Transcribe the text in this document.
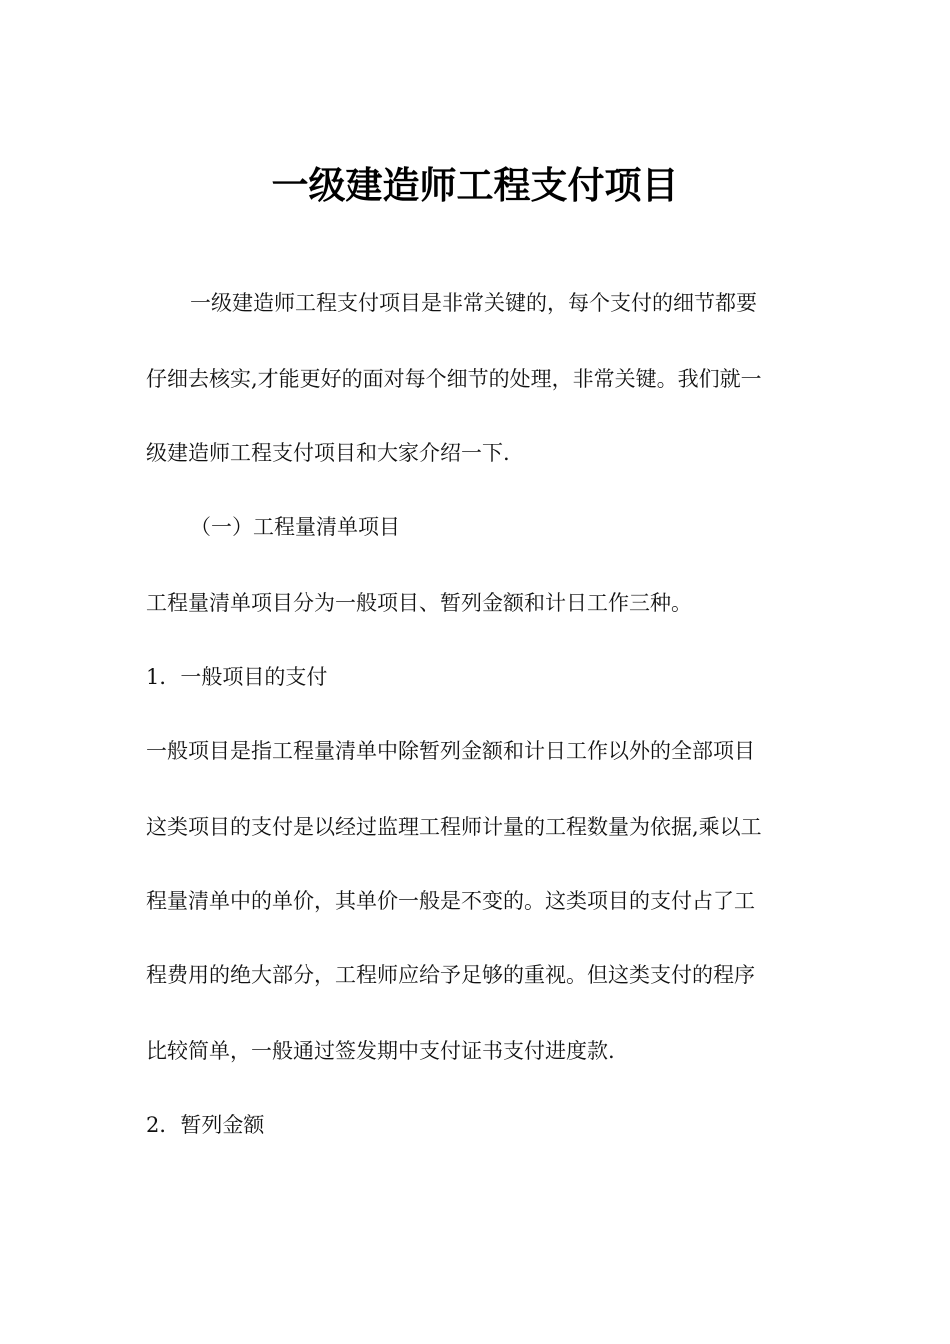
一级建造师工程支付项目
一级建造师工程支付项目是非常关键的，每个支付的细节都要
仔细去核实,才能更好的面对每个细节的处理，非常关键。我们就一
级建造师工程支付项目和大家介绍一下.
（一）工程量清单项目
工程量清单项目分为一般项目、暂列金额和计日工作三种。
1．一般项目的支付
一般项目是指工程量清单中除暂列金额和计日工作以外的全部项目
这类项目的支付是以经过监理工程师计量的工程数量为依据,乘以工
程量清单中的单价，其单价一般是不变的。这类项目的支付占了工
程费用的绝大部分，工程师应给予足够的重视。但这类支付的程序
比较简单，一般通过签发期中支付证书支付进度款.
2．暂列金额
